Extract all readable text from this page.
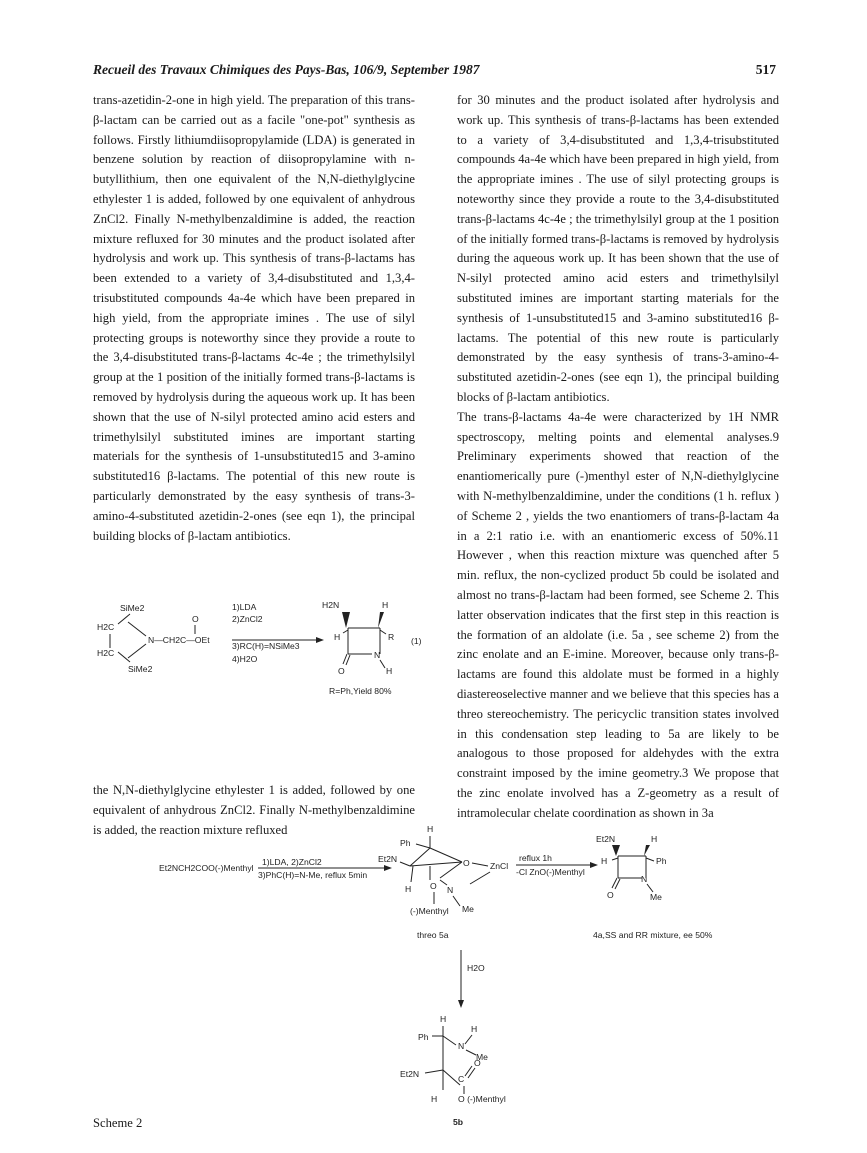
Recueil des Travaux Chimiques des Pays-Bas, 106/9, September 1987	517

trans-azetidin-2-one in high yield. The preparation of this trans-β-lactam can be carried out as a facile "one-pot" synthesis as follows. Firstly lithiumdiisopropylamide (LDA) is generated in benzene solution by reaction of diisopropylamine with n-butyllithium, then one equivalent of the N,N-diethylglycine ethylester 1 is added, followed by one equivalent of anhydrous ZnCl2. Finally N-methylbenzaldimine is added, the reaction mixture refluxed for 30 minutes and the product isolated after hydrolysis and work up. This synthesis of trans-β-lactams has been extended to a variety of 3,4-disubstituted and 1,3,4-trisubstituted compounds 4a-4e which have been prepared in high yield, from the appropriate imines . The use of silyl protecting groups is noteworthy since they provide a route to the 3,4-disubstituted trans-β-lactams 4c-4e ; the trimethylsilyl group at the 1 position of the initially formed trans-β-lactams is removed by hydrolysis during the aqueous work up. It has been shown that the use of N-silyl protected amino acid esters and trimethylsilyl substituted imines are important starting materials for the synthesis of 1-unsubstituted15 and 3-amino substituted16 β-lactams. The potential of this new route is particularly demonstrated by the easy synthesis of trans-3-amino-4-substituted azetidin-2-ones (see eqn 1), the principal building blocks of β-lactam antibiotics.

the N,N-diethylglycine ethylester 1 is added, followed by one equivalent of anhydrous ZnCl2. Finally N-methylbenzaldimine is added, the reaction mixture refluxed

for 30 minutes and the product isolated after hydrolysis and work up. This synthesis of trans-β-lactams has been extended to a variety of 3,4-disubstituted and 1,3,4-trisubstituted compounds 4a-4e which have been prepared in high yield, from the appropriate imines . The use of silyl protecting groups is noteworthy since they provide a route to the 3,4-disubstituted trans-β-lactams 4c-4e ; the trimethylsilyl group at the 1 position of the initially formed trans-β-lactams is removed by hydrolysis during the aqueous work up. It has been shown that the use of N-silyl protected amino acid esters and trimethylsilyl substituted imines are important starting materials for the synthesis of 1-unsubstituted15 and 3-amino substituted16 β-lactams. The potential of this new route is particularly demonstrated by the easy synthesis of trans-3-amino-4-substituted azetidin-2-ones (see eqn 1), the principal building blocks of β-lactam antibiotics.

The trans-β-lactams 4a-4e were characterized by 1H NMR spectroscopy, melting points and elemental analyses.9 Preliminary experiments showed that reaction of the enantiomerically pure (-)menthyl ester of N,N-diethylglycine with N-methylbenzaldimine, under the conditions (1 h. reflux ) of Scheme 2 , yields the two enantiomers of trans-β-lactam 4a in a 2:1 ratio i.e. with an enantiomeric excess of 50%.11 However , when this reaction mixture was quenched after 5 min. reflux, the non-cyclized product 5b could be isolated and almost no trans-β-lactam had been formed, see Scheme 2. This latter observation indicates that the first step in this reaction is the formation of an aldolate (i.e. 5a , see scheme 2) from the zinc enolate and an E-imine. Moreover, because only trans-β-lactams are found this aldolate must be formed in a highly diastereoselective manner and we believe that this species has a threo stereochemistry. The pericyclic transition states involved in this condensation step leading to 5a are likely to be analogous to those proposed for aldehydes with the extra constraint imposed by the imine geometry.3 We propose that the zinc enolate involved has a Z-geometry as a result of intramolecular chelate coordination as shown in 3a

SiMe2
H2C
H2C
SiMe2
O
N—CH2C—OEt
1)LDA
2)ZnCl2
3)RC(H)=NSiMe3
4)H2O
H2N	H
H	R
O
N
H
(1)
R=Ph,Yield 80%
Et2NCH2COO(-)Menthyl
1)LDA, 2)ZnCl2
3)PhC(H)=N-Me, reflux 5min
H
Ph
Et2N
H
O ZnCl
O N
Me
(-)Menthyl
threo 5a
reflux 1h
-Cl ZnO(-)Menthyl
Et2N	H
H	Ph
O
N
Me
4a,SS and RR mixture, ee 50%
H2O
H
Ph
H
N
Me
Et2N	C
O
H O (-)Menthyl
5b
Scheme 2
